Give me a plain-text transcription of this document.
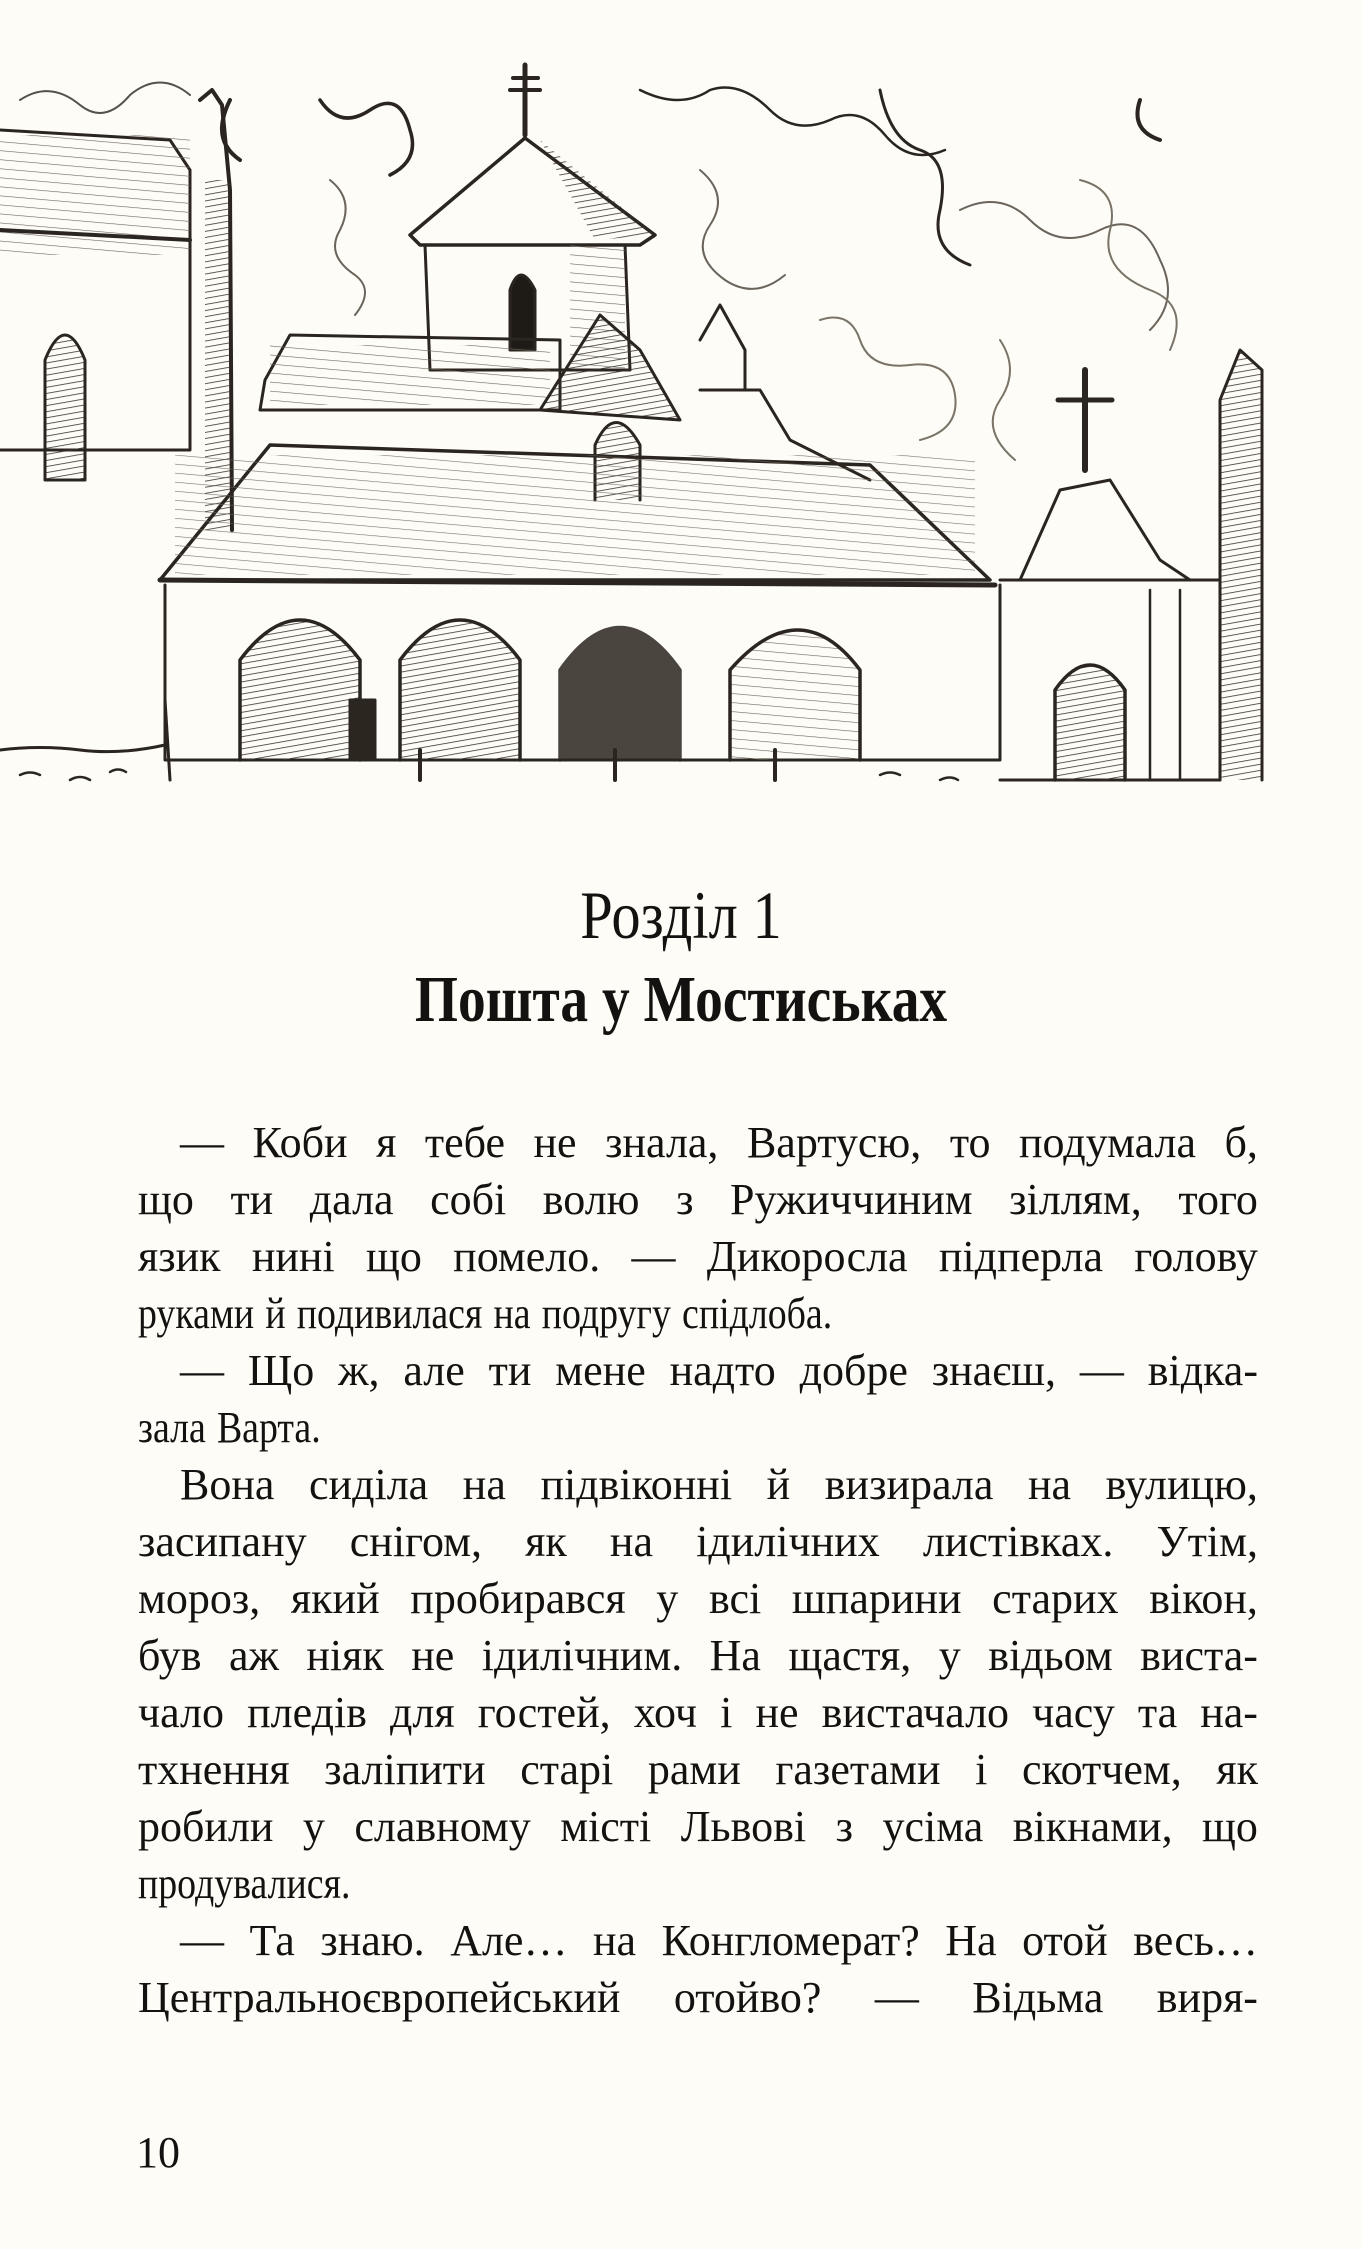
Розділ 1
Пошта у Мостиськах
— Коби я тебе не знала, Вартусю, то подумала б,
що ти дала собі волю з Ружиччиним зіллям, того
язик нині що помело. — Дикоросла підперла голову
руками й подивилася на подругу спідлоба.
— Що ж, але ти мене надто добре знаєш, — відка-
зала Варта.
Вона сиділа на підвіконні й визирала на вулицю,
засипану снігом, як на ідилічних листівках. Утім,
мороз, який пробирався у всі шпарини старих вікон,
був аж ніяк не ідилічним. На щастя, у відьом виста-
чало пледів для гостей, хоч і не вистачало часу та на-
тхнення заліпити старі рами газетами і скотчем, як
робили у славному місті Львові з усіма вікнами, що
продувалися.
— Та знаю. Але… на Конгломерат? На отой весь…
Центральноєвропейський отойво? — Відьма виря-
10
